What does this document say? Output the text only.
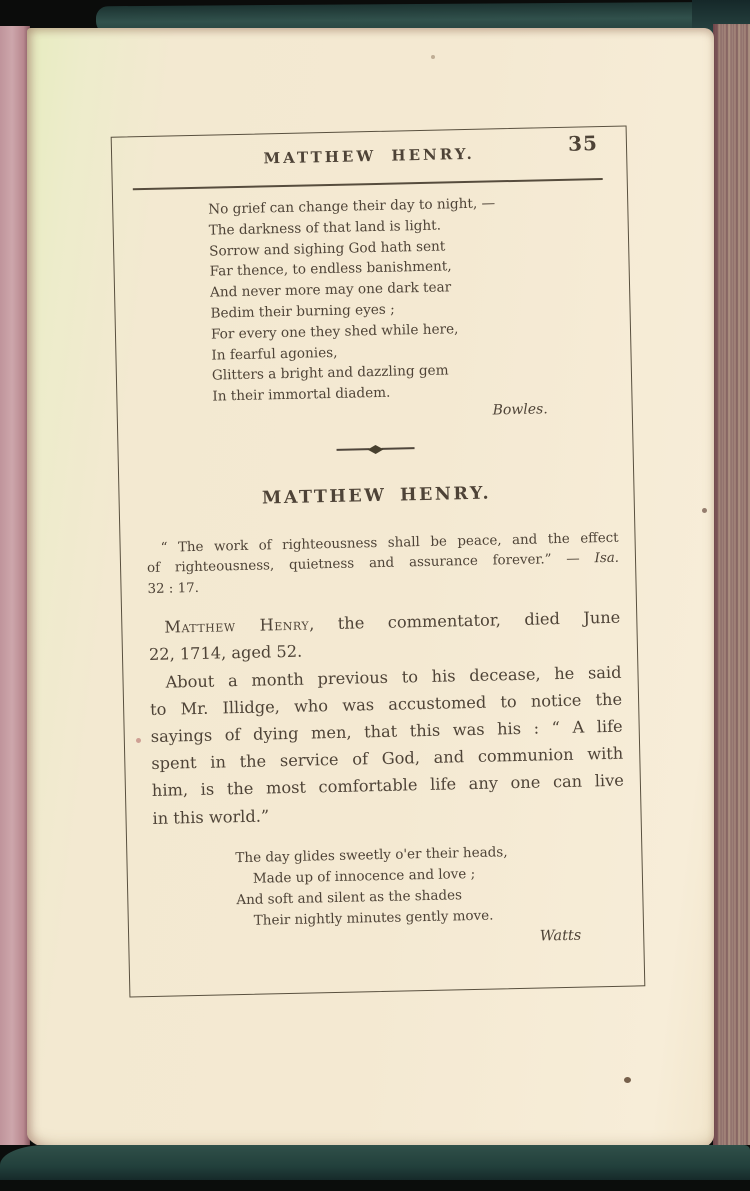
MATTHEW HENRY.
35
No grief can change their day to night, —
The darkness of that land is light.
Sorrow and sighing God hath sent
Far thence, to endless banishment,
And never more may one dark tear
Bedim their burning eyes ;
For every one they shed while here,
In fearful agonies,
Glitters a bright and dazzling gem
In their immortal diadem.
Bowles.
MATTHEW HENRY.
“ The work of righteousness shall be peace, and the effect
of righteousness, quietness and assurance forever.” — Isa.
32 : 17.
Matthew Henry, the commentator, died June
22, 1714, aged 52.
About a month previous to his decease, he said
to Mr. Illidge, who was accustomed to notice the
sayings of dying men, that this was his : “ A life
spent in the service of God, and communion with
him, is the most comfortable life any one can live
in this world.”
The day glides sweetly o'er their heads,
Made up of innocence and love ;
And soft and silent as the shades
Their nightly minutes gently move.
Watts
